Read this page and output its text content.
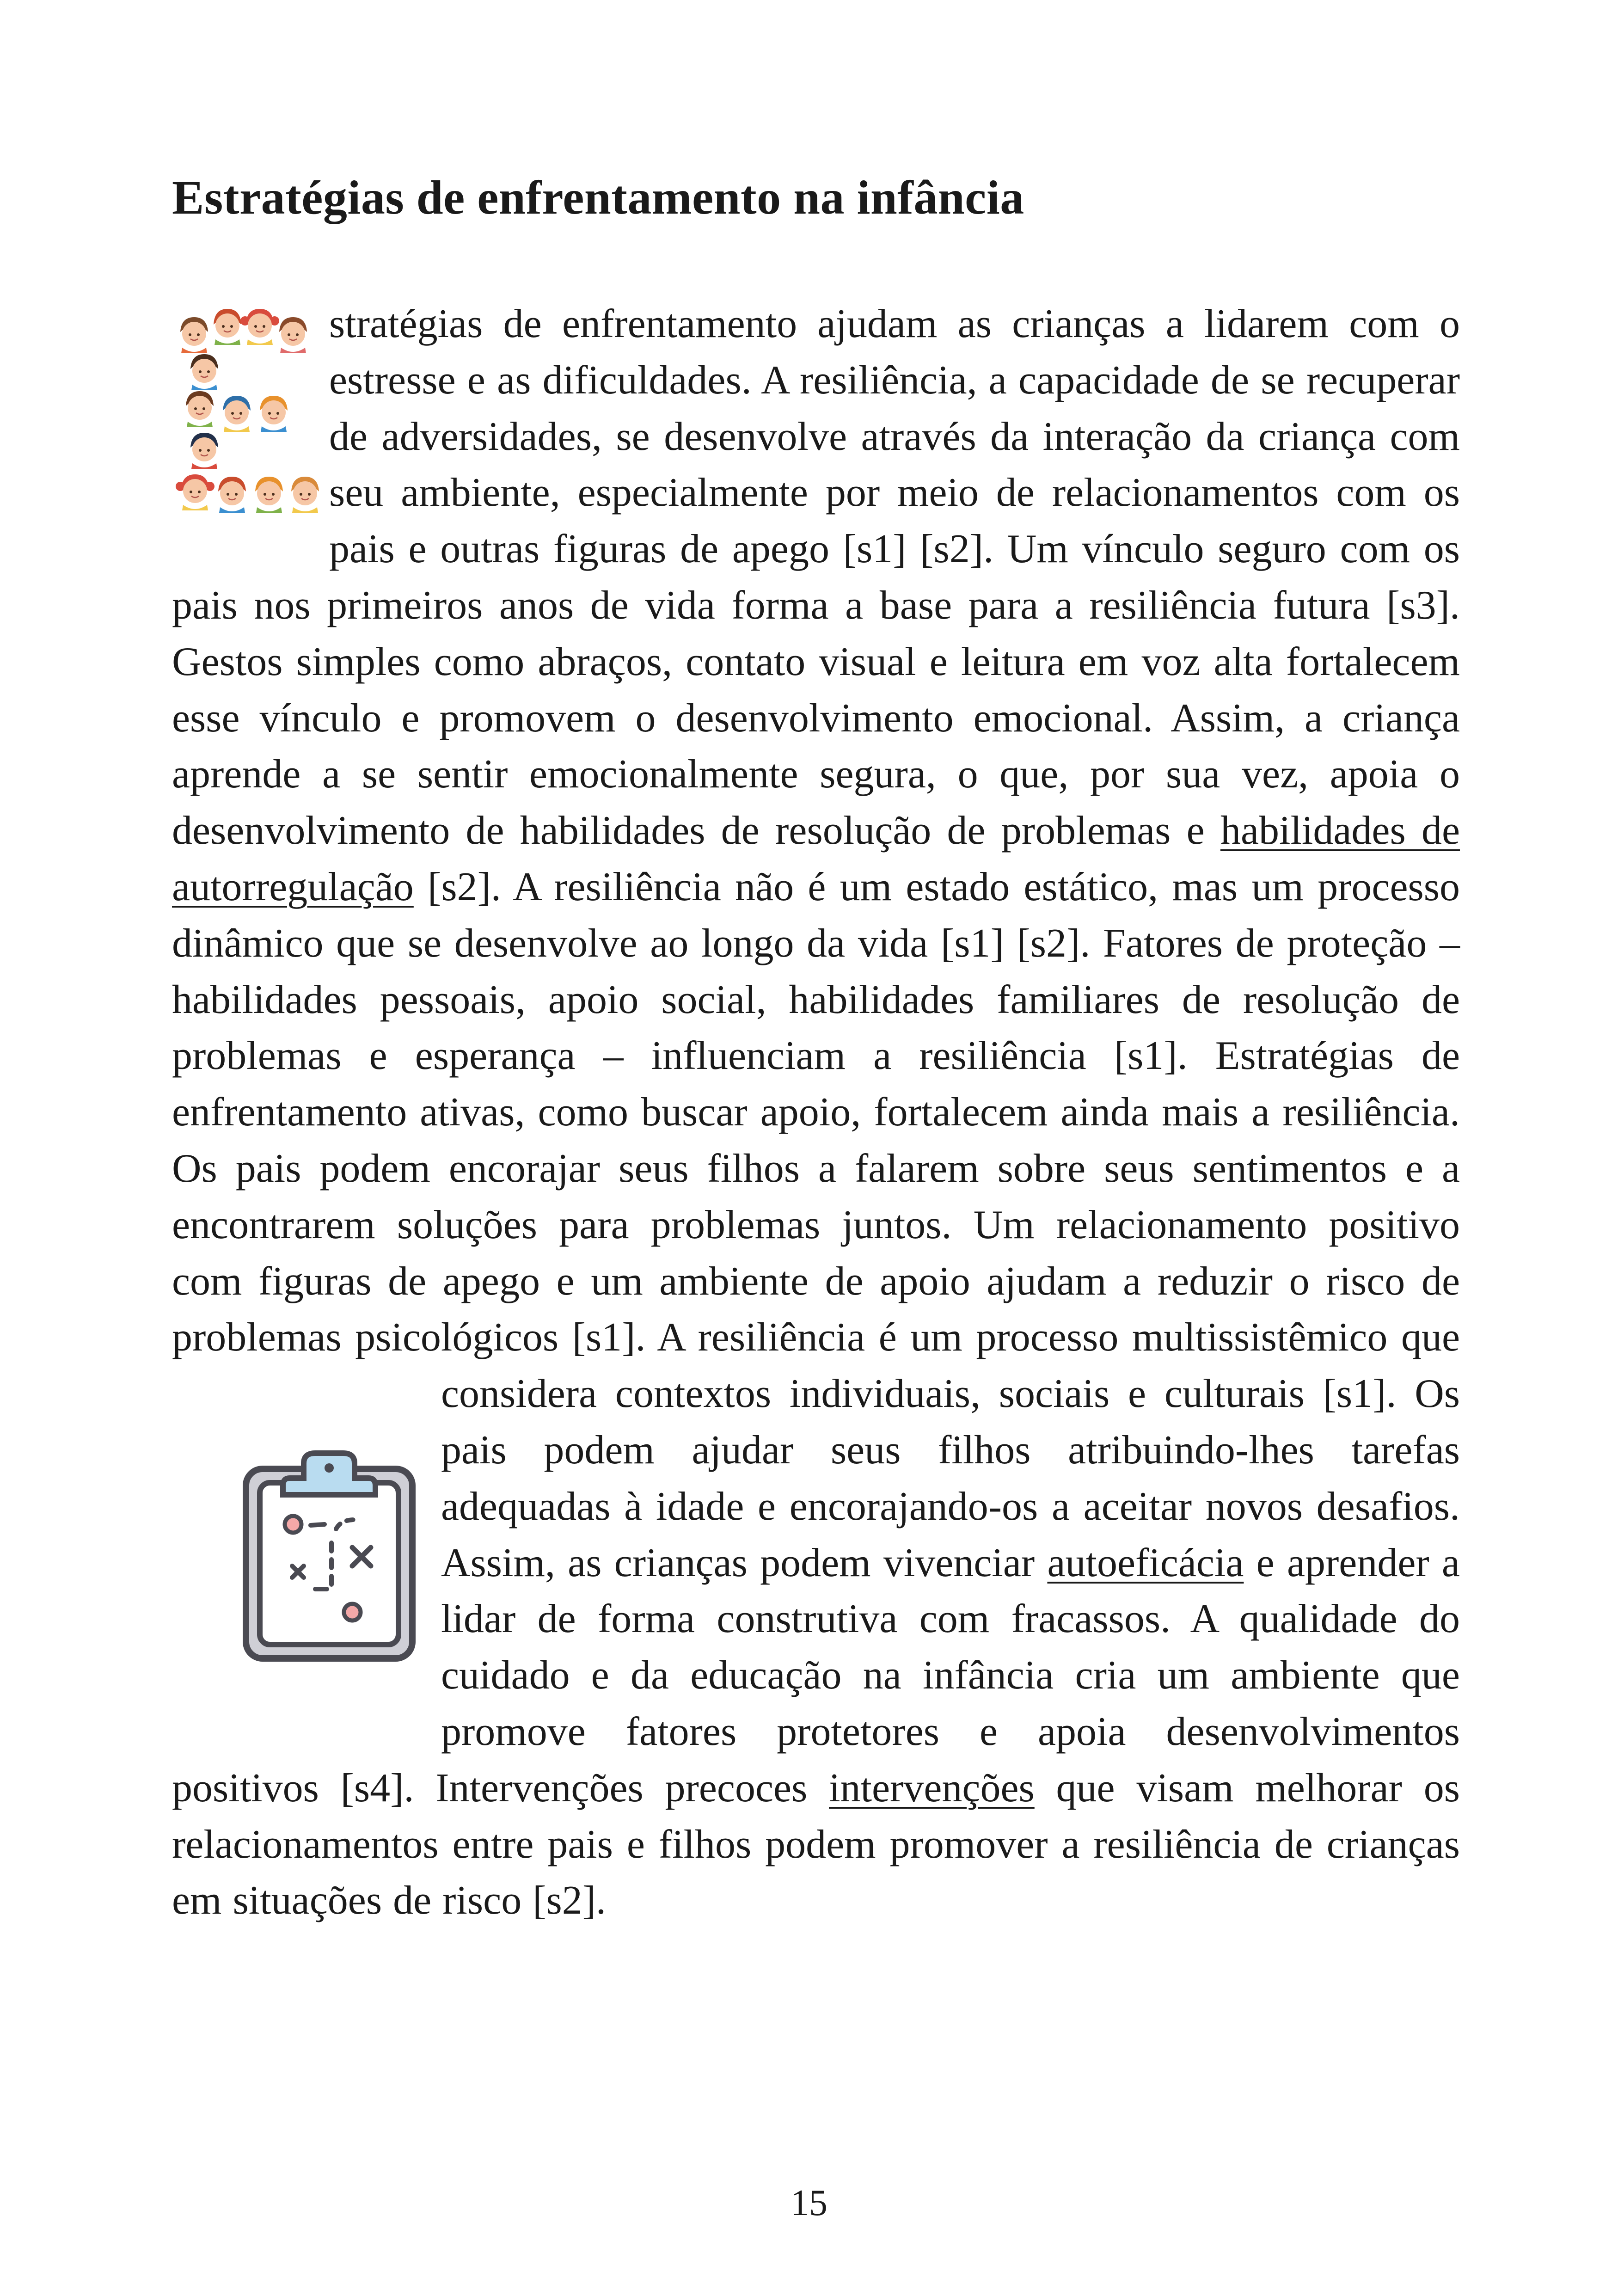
Estratégias de enfrentamento na infância
stratégias de enfrentamento ajudam as crianças a lidarem com o estresse e as dificuldades. A resiliência, a capacidade de se recuperar de adversidades, se desenvolve através da interação da criança com seu ambiente, especialmente por meio de relacionamentos com os pais e outras figuras de apego [s1] [s2]. Um vínculo seguro com os pais nos primeiros anos de vida forma a base para a resiliência futura [s3]. Gestos simples como abraços, contato visual e leitura em voz alta fortalecem esse vínculo e promovem o desenvolvimento emocional. Assim, a criança aprende a se sentir emocionalmente segura, o que, por sua vez, apoia o desenvolvimento de habilidades de resolução de problemas e habilidades de autorregulação [s2]. A resiliência não é um estado estático, mas um processo dinâmico que se desenvolve ao longo da vida [s1] [s2]. Fatores de proteção – habilidades pessoais, apoio social, habilidades familiares de resolução de problemas e esperança – influenciam a resiliência [s1]. Estratégias de enfrentamento ativas, como buscar apoio, fortalecem ainda mais a resiliência. Os pais podem encorajar seus filhos a falarem sobre seus sentimentos e a encontrarem soluções para problemas juntos. Um relacionamento positivo com figuras de apego e um ambiente de apoio ajudam a reduzir o risco de problemas psicológicos [s1]. A resiliência é um processo multissistêmico que considera contextos individuais, sociais e culturais [s1]. Os pais podem ajudar seus filhos atribuindo-lhes tarefas adequadas à idade e encorajando-os a aceitar novos desafios. Assim, as crianças podem vivenciar autoeficácia e aprender a lidar de forma construtiva com fracassos. A qualidade do cuidado e da educação na infância cria um ambiente que promove fatores protetores e apoia desenvolvimentos positivos [s4]. Intervenções precoces intervenções que visam melhorar os relacionamentos entre pais e filhos podem promover a resiliência de crianças em situações de risco [s2].

15
